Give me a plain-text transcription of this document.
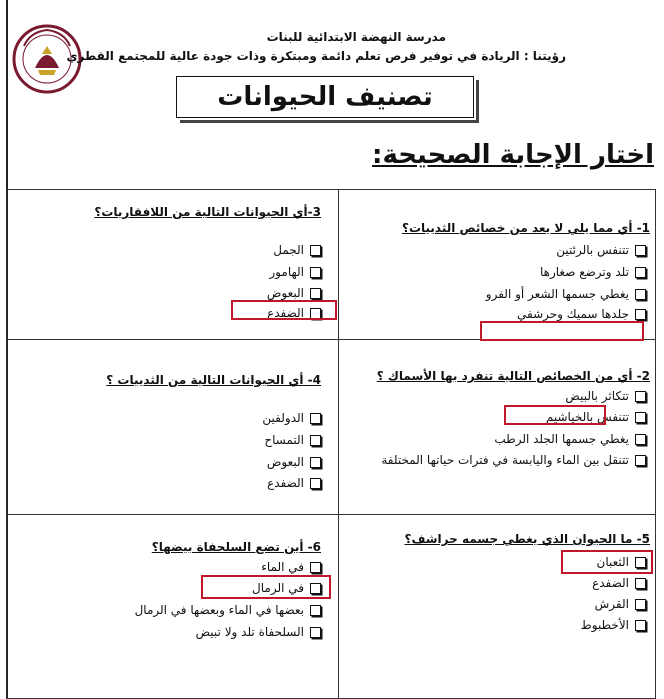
مدرسة النهضة الابتدائية للبنات
رؤيتنا : الريادة في توفير فرص تعلم دائمة ومبتكرة وذات جودة عالية للمجتمع القطري
تصنيف الحيوانات
اختار الإجابة الصحيحة:
1- أي مما يلي لا يعد من خصائص الثدييات؟
تتنفس بالرئتين
تلد وترضع صغارها
يغطي جسمها الشعر أو الفرو
جلدها سميك وحرشفي
3-أي الحيوانات التالية من اللافقاريات؟
الجمل
الهامور
البعوض
الضفدع
2- أي من الخصائص التالية تنفرد بها الأسماك ؟
تتكاثر بالبيض
تتنفس بالخياشيم
يغطي جسمها الجلد الرطب
تتنقل بين الماء واليابسة في فترات حياتها المختلفة
4- أي الحيوانات التالية من الثدييات ؟
الدولفين
التمساح
البعوض
الضفدع
5- ما الحيوان الذي يغطي جسمه حراشف؟
الثعبان
الضفدع
القرش
الأخطبوط
6- أين تضع السلحفاة بيضها؟
في الماء
في الرمال
بعضها في الماء وبعضها في الرمال
السلحفاة تلد ولا تبيض
